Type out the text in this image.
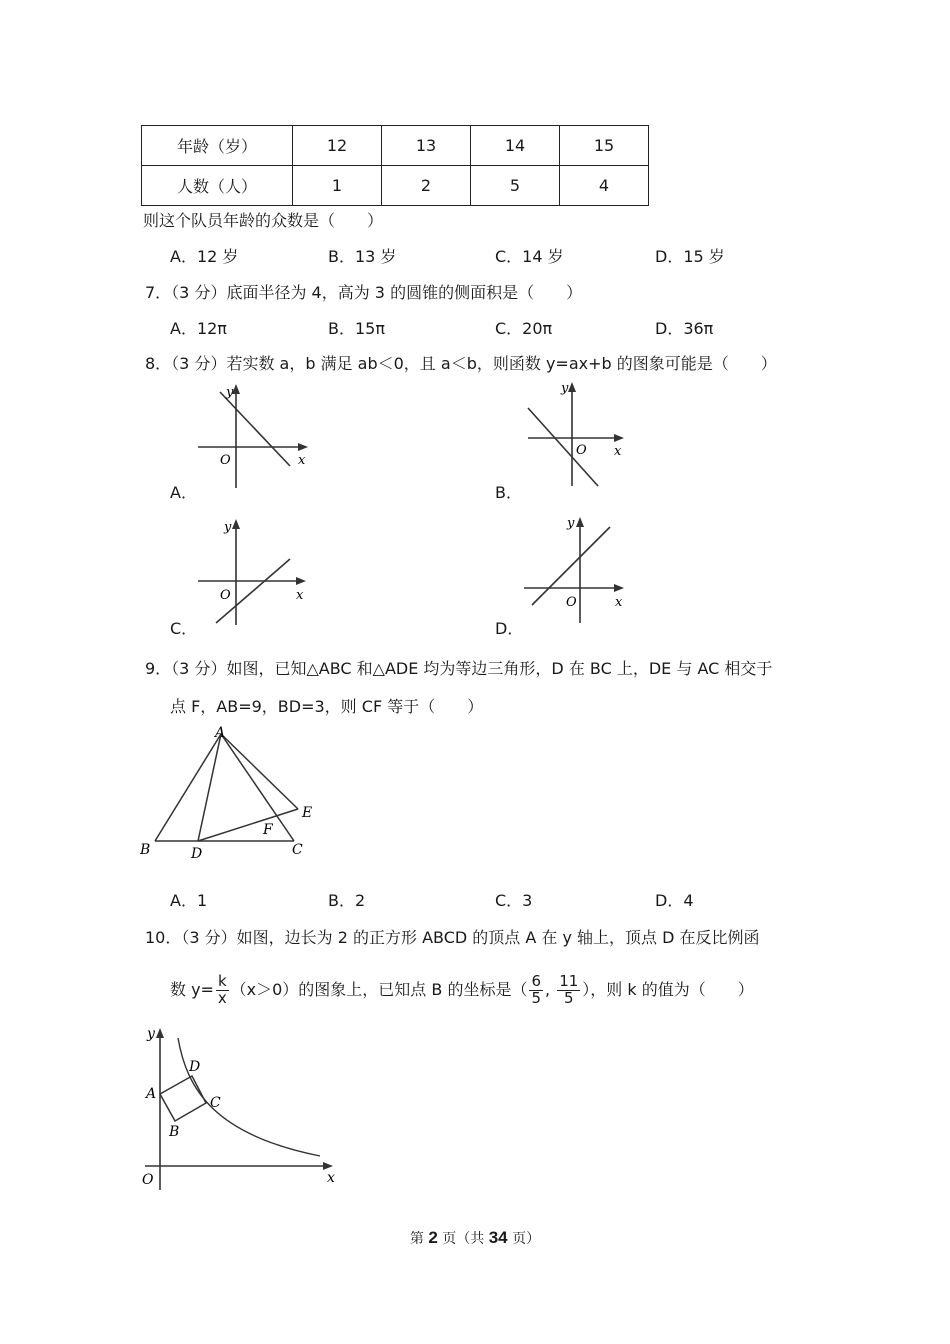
年龄（岁）	12	13	14	15
人数（人）	1	2	5	4
则这个队员年龄的众数是（　　）
A．12 岁	B．13 岁	C．14 岁	D．15 岁
7．（3 分）底面半径为 4，高为 3 的圆锥的侧面积是（　　）
A．12π	B．15π	C．20π	D．36π
8．（3 分）若实数 a，b 满足 ab＜0，且 a＜b，则函数 y=ax+b 的图象可能是（　　）
y
x
O
A．
y
x
O
B．
y
x
O
C．
y
x
O
D．
9．（3 分）如图，已知△ABC 和△ADE 均为等边三角形，D 在 BC 上，DE 与 AC 相交于
点 F，AB=9，BD=3，则 CF 等于（　　）
A
B	D	C
E
F
A．1	B．2	C．3	D．4
10．（3 分）如图，边长为 2 的正方形 ABCD 的顶点 A 在 y 轴上，顶点 D 在反比例函
数 $y= \frac{k}{x} (x>0)$的图象上，已知点 B 的坐标是（ $\frac{6}{5}$ , $\frac{11}{5}$ ），则 k 的值为（　　）
y
x
O
A
D
C
B
第 2 页（共 34 页）
